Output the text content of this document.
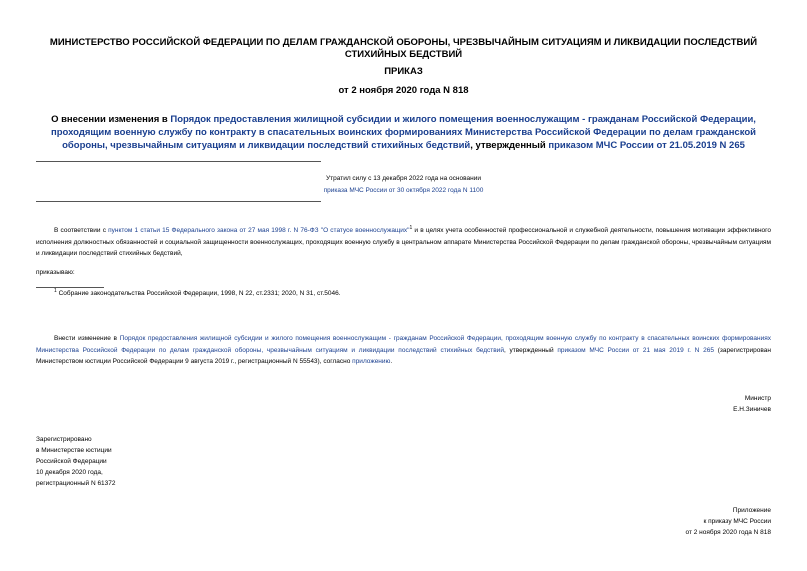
МИНИСТЕРСТВО РОССИЙСКОЙ ФЕДЕРАЦИИ ПО ДЕЛАМ ГРАЖДАНСКОЙ ОБОРОНЫ, ЧРЕЗВЫЧАЙНЫМ СИТУАЦИЯМ И ЛИКВИДАЦИИ ПОСЛЕДСТВИЙ СТИХИЙНЫХ БЕДСТВИЙ
ПРИКАЗ
от 2 ноября 2020 года N 818
О внесении изменения в Порядок предоставления жилищной субсидии и жилого помещения военнослужащим - гражданам Российской Федерации, проходящим военную службу по контракту в спасательных воинских формированиях Министерства Российской Федерации по делам гражданской обороны, чрезвычайным ситуациям и ликвидации последствий стихийных бедствий, утвержденный приказом МЧС России от 21.05.2019 N 265
Утратил силу с 13 декабря 2022 года на основании
приказа МЧС России от 30 октября 2022 года N 1100
В соответствии с пунктом 1 статьи 15 Федерального закона от 27 мая 1998 г. N 76-ФЗ "О статусе военнослужащих"$^1$ и в целях учета особенностей профессиональной и служебной деятельности, повышения мотивации эффективного исполнения должностных обязанностей и социальной защищенности военнослужащих, проходящих военную службу в центральном аппарате Министерства Российской Федерации по делам гражданской обороны, чрезвычайным ситуациям и ликвидации последствий стихийных бедствий,
приказываю:
$^1$ Собрание законодательства Российской Федерации, 1998, N 22, ст.2331; 2020, N 31, ст.5046.
Внести изменение в Порядок предоставления жилищной субсидии и жилого помещения военнослужащим - гражданам Российской Федерации, проходящим военную службу по контракту в спасательных воинских формированиях Министерства Российской Федерации по делам гражданской обороны, чрезвычайным ситуациям и ликвидации последствий стихийных бедствий, утвержденный приказом МЧС России от 21 мая 2019 г. N 265 (зарегистрирован Министерством юстиции Российской Федерации 9 августа 2019 г., регистрационный N 55543), согласно приложению.
Министр
Е.Н.Зиничев
Зарегистрировано
в Министерстве юстиции
Российской Федерации
10 декабря 2020 года,
регистрационный N 61372
Приложение
к приказу МЧС России
от 2 ноября 2020 года N 818
